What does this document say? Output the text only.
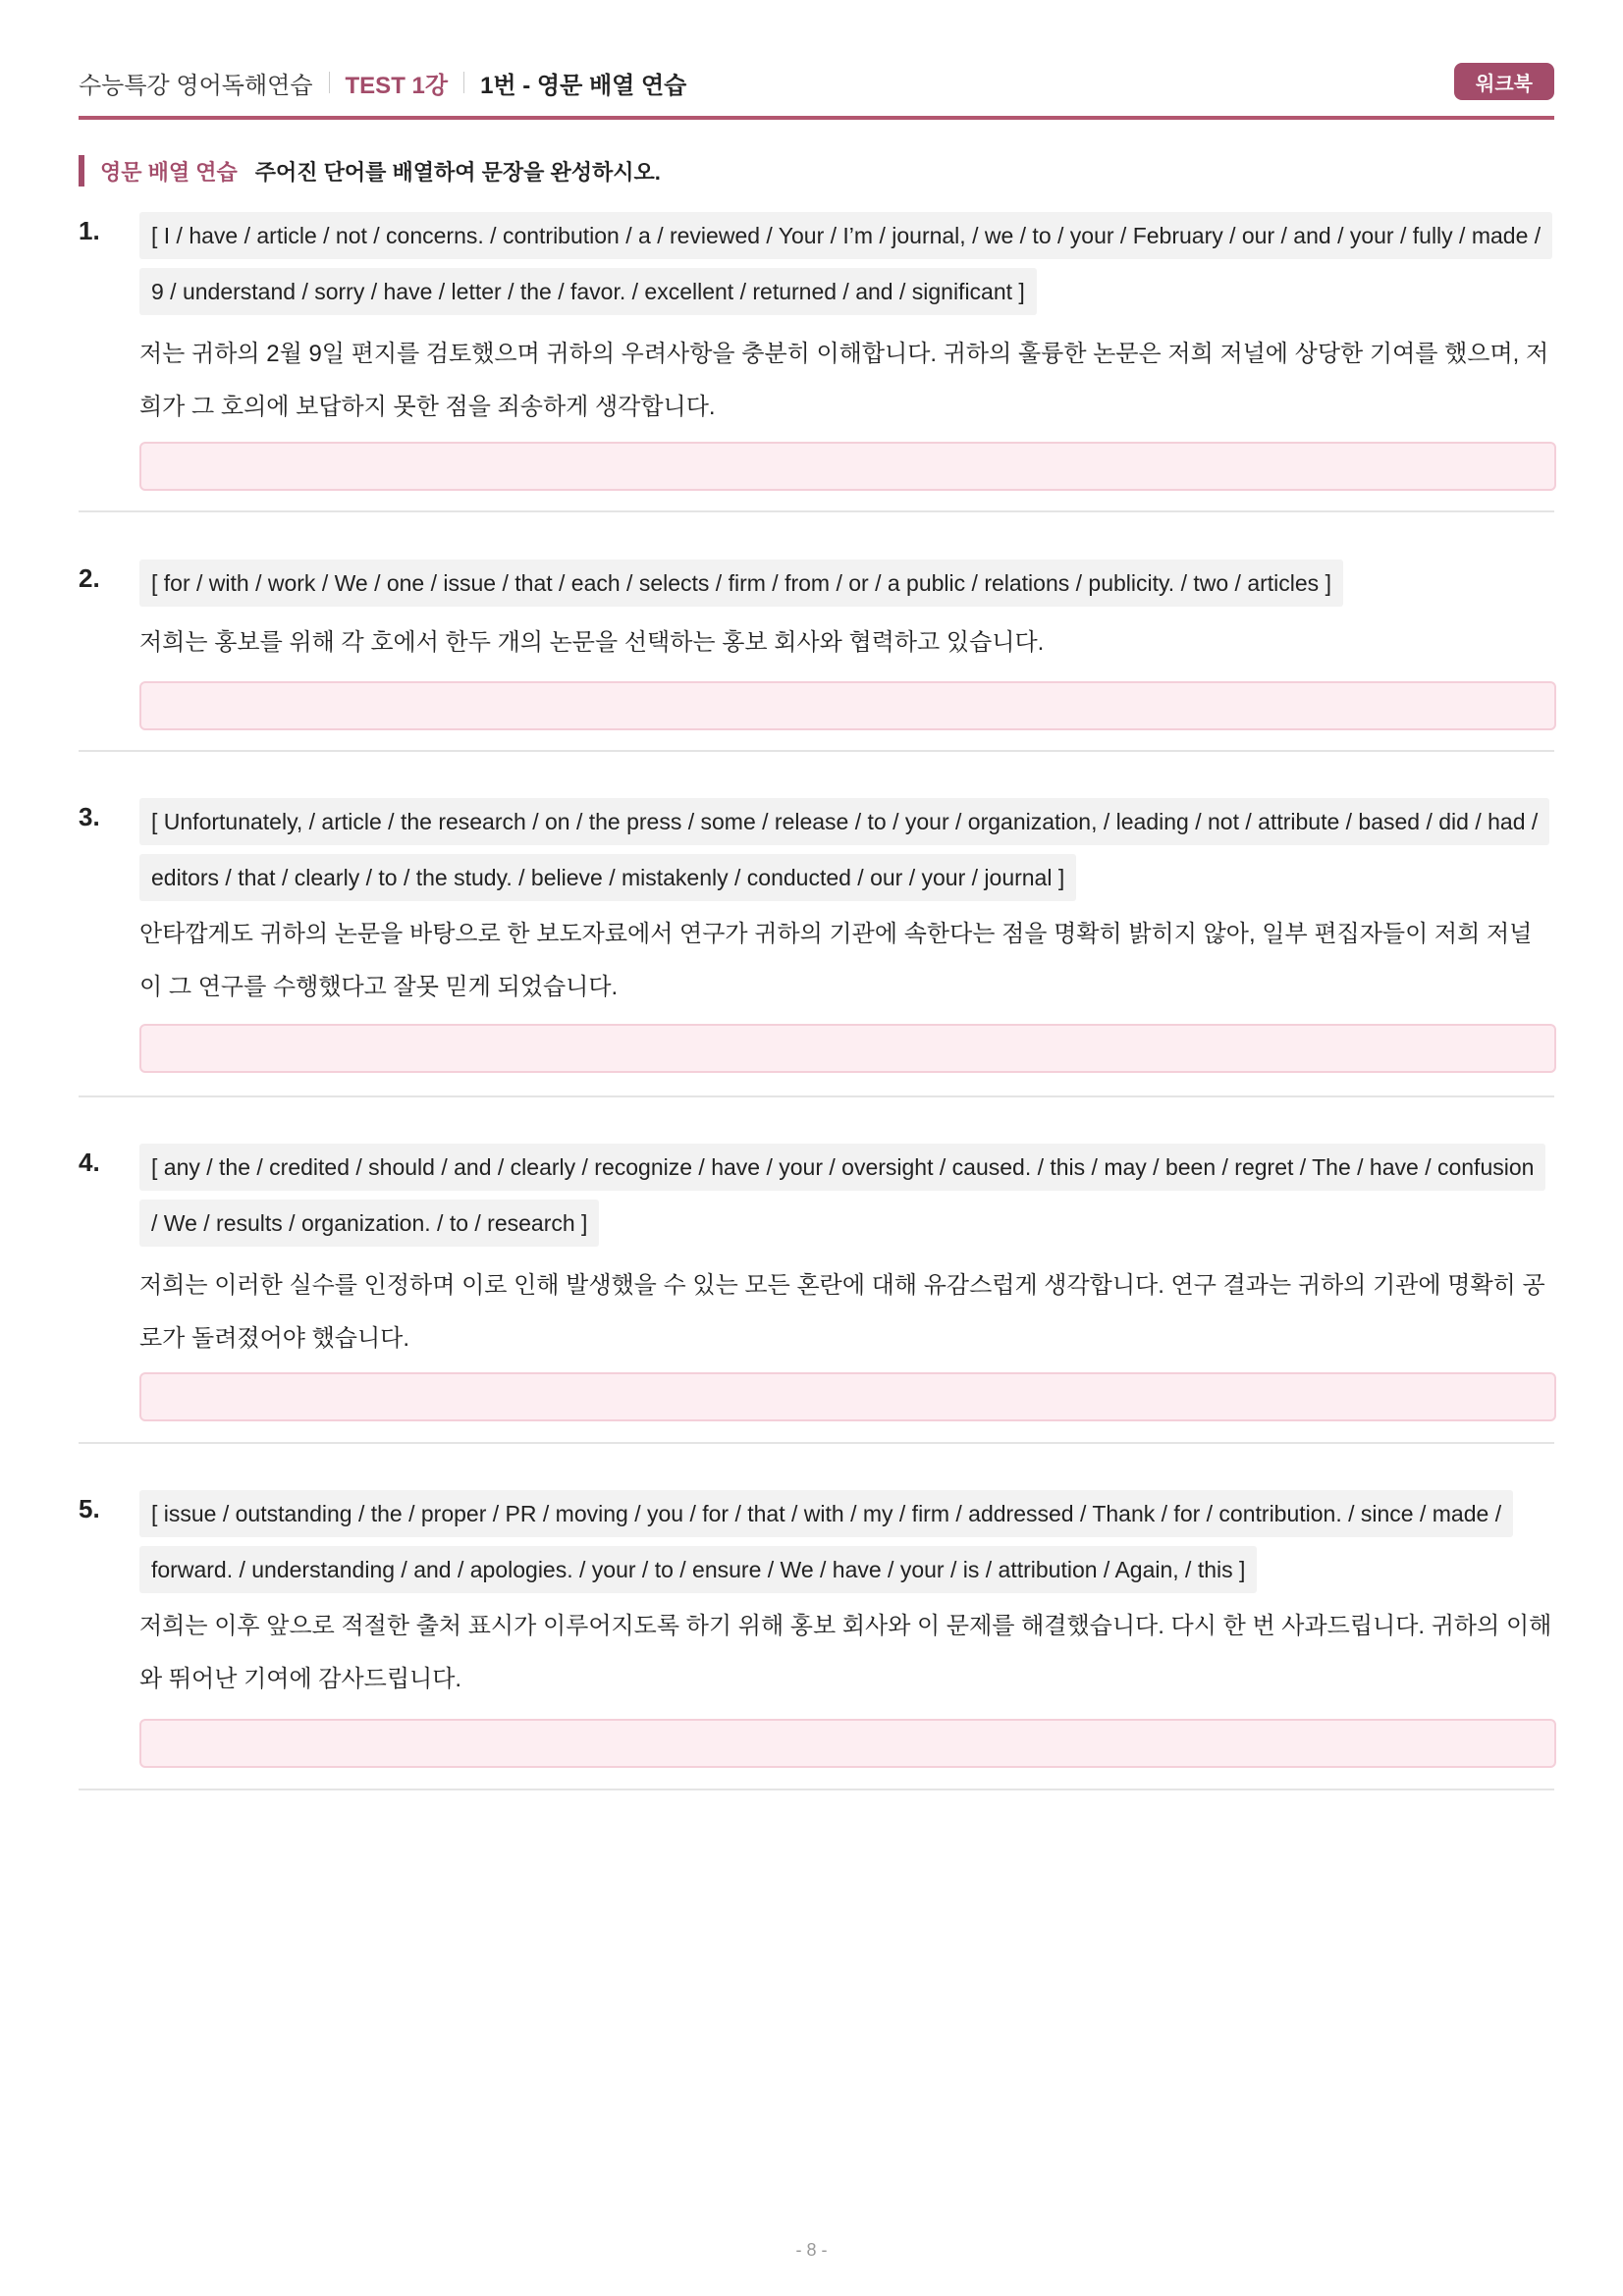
수능특강 영어독해연습 TEST 1강 1번 - 영문 배열 연습	워크북
영문 배열 연습 주어진 단어를 배열하여 문장을 완성하시오.
1.	[ I / have / article / not / concerns. / contribution / a / reviewed / Your / I’m / journal, / we / to / your / February / our / and / your / fully / made / 9 / understand / sorry / have / letter / the / favor. / excellent / returned / and / significant ]
저는 귀하의 2월 9일 편지를 검토했으며 귀하의 우려사항을 충분히 이해합니다. 귀하의 훌륭한 논문은 저희 저널에 상당한 기여를 했으며, 저희가 그 호의에 보답하지 못한 점을 죄송하게 생각합니다.
2.	[ for / with / work / We / one / issue / that / each / selects / firm / from / or / a public / relations / publicity. / two / articles ]
저희는 홍보를 위해 각 호에서 한두 개의 논문을 선택하는 홍보 회사와 협력하고 있습니다.
3.	[ Unfortunately, / article / the research / on / the press / some / release / to / your / organization, / leading / not / attribute / based / did / had / editors / that / clearly / to / the study. / believe / mistakenly / conducted / our / your / journal ]
안타깝게도 귀하의 논문을 바탕으로 한 보도자료에서 연구가 귀하의 기관에 속한다는 점을 명확히 밝히지 않아, 일부 편집자들이 저희 저널이 그 연구를 수행했다고 잘못 믿게 되었습니다.
4.	[ any / the / credited / should / and / clearly / recognize / have / your / oversight / caused. / this / may / been / regret / The / have / confusion / We / results / organization. / to / research ]
저희는 이러한 실수를 인정하며 이로 인해 발생했을 수 있는 모든 혼란에 대해 유감스럽게 생각합니다. 연구 결과는 귀하의 기관에 명확히 공로가 돌려졌어야 했습니다.
5.	[ issue / outstanding / the / proper / PR / moving / you / for / that / with / my / firm / addressed / Thank / for / contribution. / since / made / forward. / understanding / and / apologies. / your / to / ensure / We / have / your / is / attribution / Again, / this ]
저희는 이후 앞으로 적절한 출처 표시가 이루어지도록 하기 위해 홍보 회사와 이 문제를 해결했습니다. 다시 한 번 사과드립니다. 귀하의 이해와 뛰어난 기여에 감사드립니다.
- 8 -
